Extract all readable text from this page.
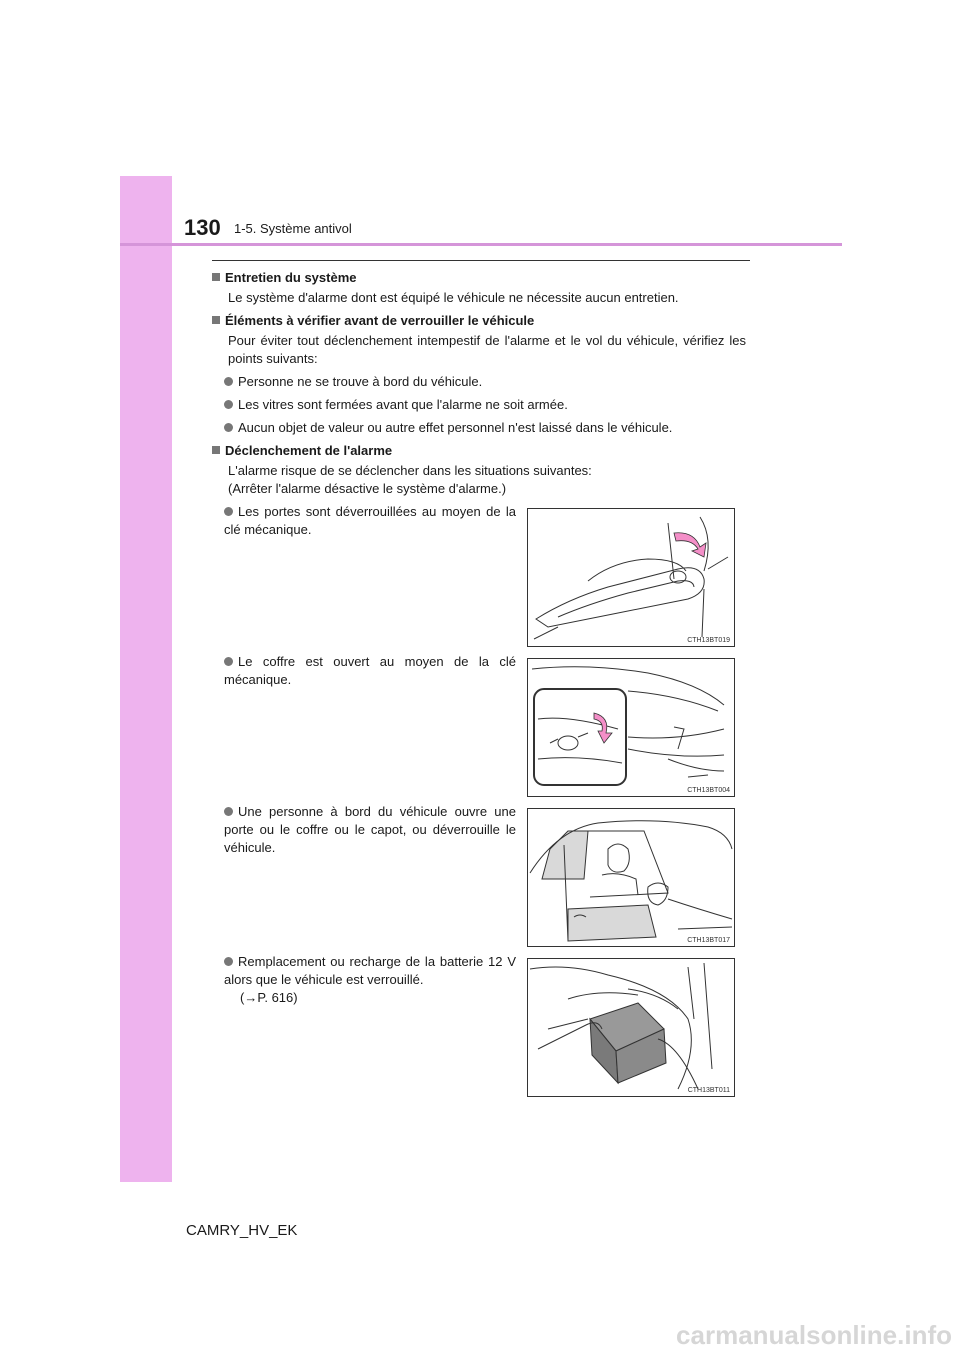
130 1-5. Système antivol
Entretien du système
Le système d'alarme dont est équipé le véhicule ne nécessite aucun entretien.
Éléments à vérifier avant de verrouiller le véhicule
Pour éviter tout déclenchement intempestif de l'alarme et le vol du véhicule, vérifiez les points suivants:
Personne ne se trouve à bord du véhicule.
Les vitres sont fermées avant que l'alarme ne soit armée.
Aucun objet de valeur ou autre effet personnel n'est laissé dans le véhicule.
Déclenchement de l'alarme
L'alarme risque de se déclencher dans les situations suivantes:
(Arrêter l'alarme désactive le système d'alarme.)
Les portes sont déverrouillées au moyen de la clé mécanique.
CTH13BT019
Le coffre est ouvert au moyen de la clé mécanique.
CTH13BT004
Une personne à bord du véhicule ouvre une porte ou le coffre ou le capot, ou déverrouille le véhicule.
CTH13BT017
Remplacement ou recharge de la batterie 12 V alors que le véhicule est verrouillé.
(→P. 616)
CTH13BT011
CAMRY_HV_EK
carmanualsonline.info
